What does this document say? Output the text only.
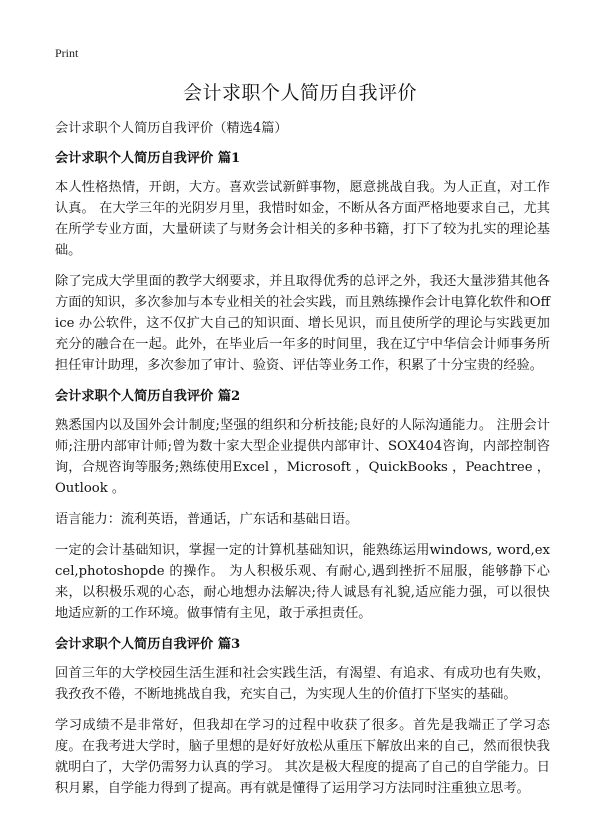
Print
会计求职个人简历自我评价

会计求职个人简历自我评价（精选4篇）

会计求职个人简历自我评价 篇1

本人性格热情，开朗，大方。喜欢尝试新鲜事物，愿意挑战自我。为人正直，对工作认真。 在大学三年的光阴岁月里，我惜时如金，不断从各方面严格地要求自己，尤其在所学专业方面，大量研读了与财务会计相关的多种书籍，打下了较为扎实的理论基础。

除了完成大学里面的教学大纲要求，并且取得优秀的总评之外，我还大量涉猎其他各方面的知识，多次参加与本专业相关的社会实践，而且熟练操作会计电算化软件和Office 办公软件，这不仅扩大自己的知识面、增长见识，而且使所学的理论与实践更加充分的融合在一起。此外，在毕业后一年多的时间里，我在辽宁中华信会计师事务所担任审计助理，多次参加了审计、验资、评估等业务工作，积累了十分宝贵的经验。

会计求职个人简历自我评价 篇2

熟悉国内以及国外会计制度;坚强的组织和分析技能;良好的人际沟通能力。 注册会计师;注册内部审计师;曾为数十家大型企业提供内部审计、SOX404咨询，内部控制咨询，合规咨询等服务;熟练使用Excel ，Microsoft ，QuickBooks ，Peachtree ，Outlook 。

语言能力：流利英语，普通话，广东话和基础日语。

一定的会计基础知识，掌握一定的计算机基础知识，能熟练运用windows, word,excel,photoshopde 的操作。 为人积极乐观、有耐心,遇到挫折不屈服，能够静下心来，以积极乐观的心态，耐心地想办法解决;待人诚恳有礼貌,适应能力强，可以很快地适应新的工作环境。做事情有主见，敢于承担责任。

会计求职个人简历自我评价 篇3

回首三年的大学校园生活生涯和社会实践生活，有渴望、有追求、有成功也有失败，我孜孜不倦，不断地挑战自我，充实自己，为实现人生的价值打下坚实的基础。

学习成绩不是非常好，但我却在学习的过程中收获了很多。首先是我端正了学习态度。在我考进大学时，脑子里想的是好好放松从重压下解放出来的自己，然而很快我就明白了，大学仍需努力认真的学习。 其次是极大程度的提高了自己的自学能力。日积月累，自学能力得到了提高。再有就是懂得了运用学习方法同时注重独立思考。
